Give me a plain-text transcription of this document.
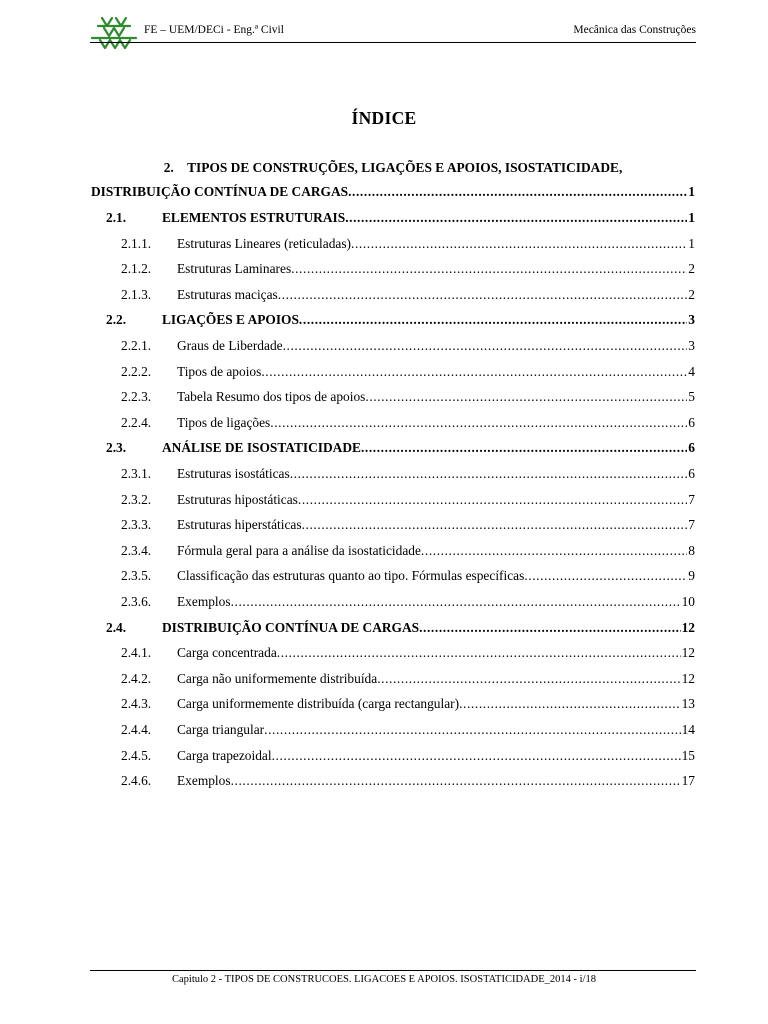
FE – UEM/DECi - Eng.ª Civil	Mecânica das Construções
ÍNDICE
2.    TIPOS DE CONSTRUÇÕES, LIGAÇÕES E APOIOS, ISOSTATICIDADE,
DISTRIBUIÇÃO CONTÍNUA DE CARGAS .....	1
2.1.	ELEMENTOS ESTRUTURAIS .....	1
2.1.1.	Estruturas Lineares (reticuladas) .....	1
2.1.2.	Estruturas Laminares .....	2
2.1.3.	Estruturas maciças .....	2
2.2.	LIGAÇÕES E APOIOS .....	3
2.2.1.	Graus de Liberdade .....	3
2.2.2.	Tipos de apoios .....	4
2.2.3.	Tabela Resumo dos tipos de apoios .....	5
2.2.4.	Tipos de ligações .....	6
2.3.	ANÁLISE DE ISOSTATICIDADE .....	6
2.3.1.	Estruturas isostáticas .....	6
2.3.2.	Estruturas hipostáticas .....	7
2.3.3.	Estruturas hiperstáticas .....	7
2.3.4.	Fórmula geral para a análise da isostaticidade .....	8
2.3.5.	Classificação das estruturas quanto ao tipo. Fórmulas específicas .....	9
2.3.6.	Exemplos .....	10
2.4.	DISTRIBUIÇÃO CONTÍNUA DE CARGAS .....	12
2.4.1.	Carga concentrada .....	12
2.4.2.	Carga não uniformemente distribuída .....	12
2.4.3.	Carga uniformemente distribuída (carga rectangular) .....	13
2.4.4.	Carga triangular .....	14
2.4.5.	Carga trapezoidal .....	15
2.4.6.	Exemplos .....	17
Capitulo 2 - TIPOS DE CONSTRUCOES. LIGACOES E APOIOS. ISOSTATICIDADE_2014 - i/18
